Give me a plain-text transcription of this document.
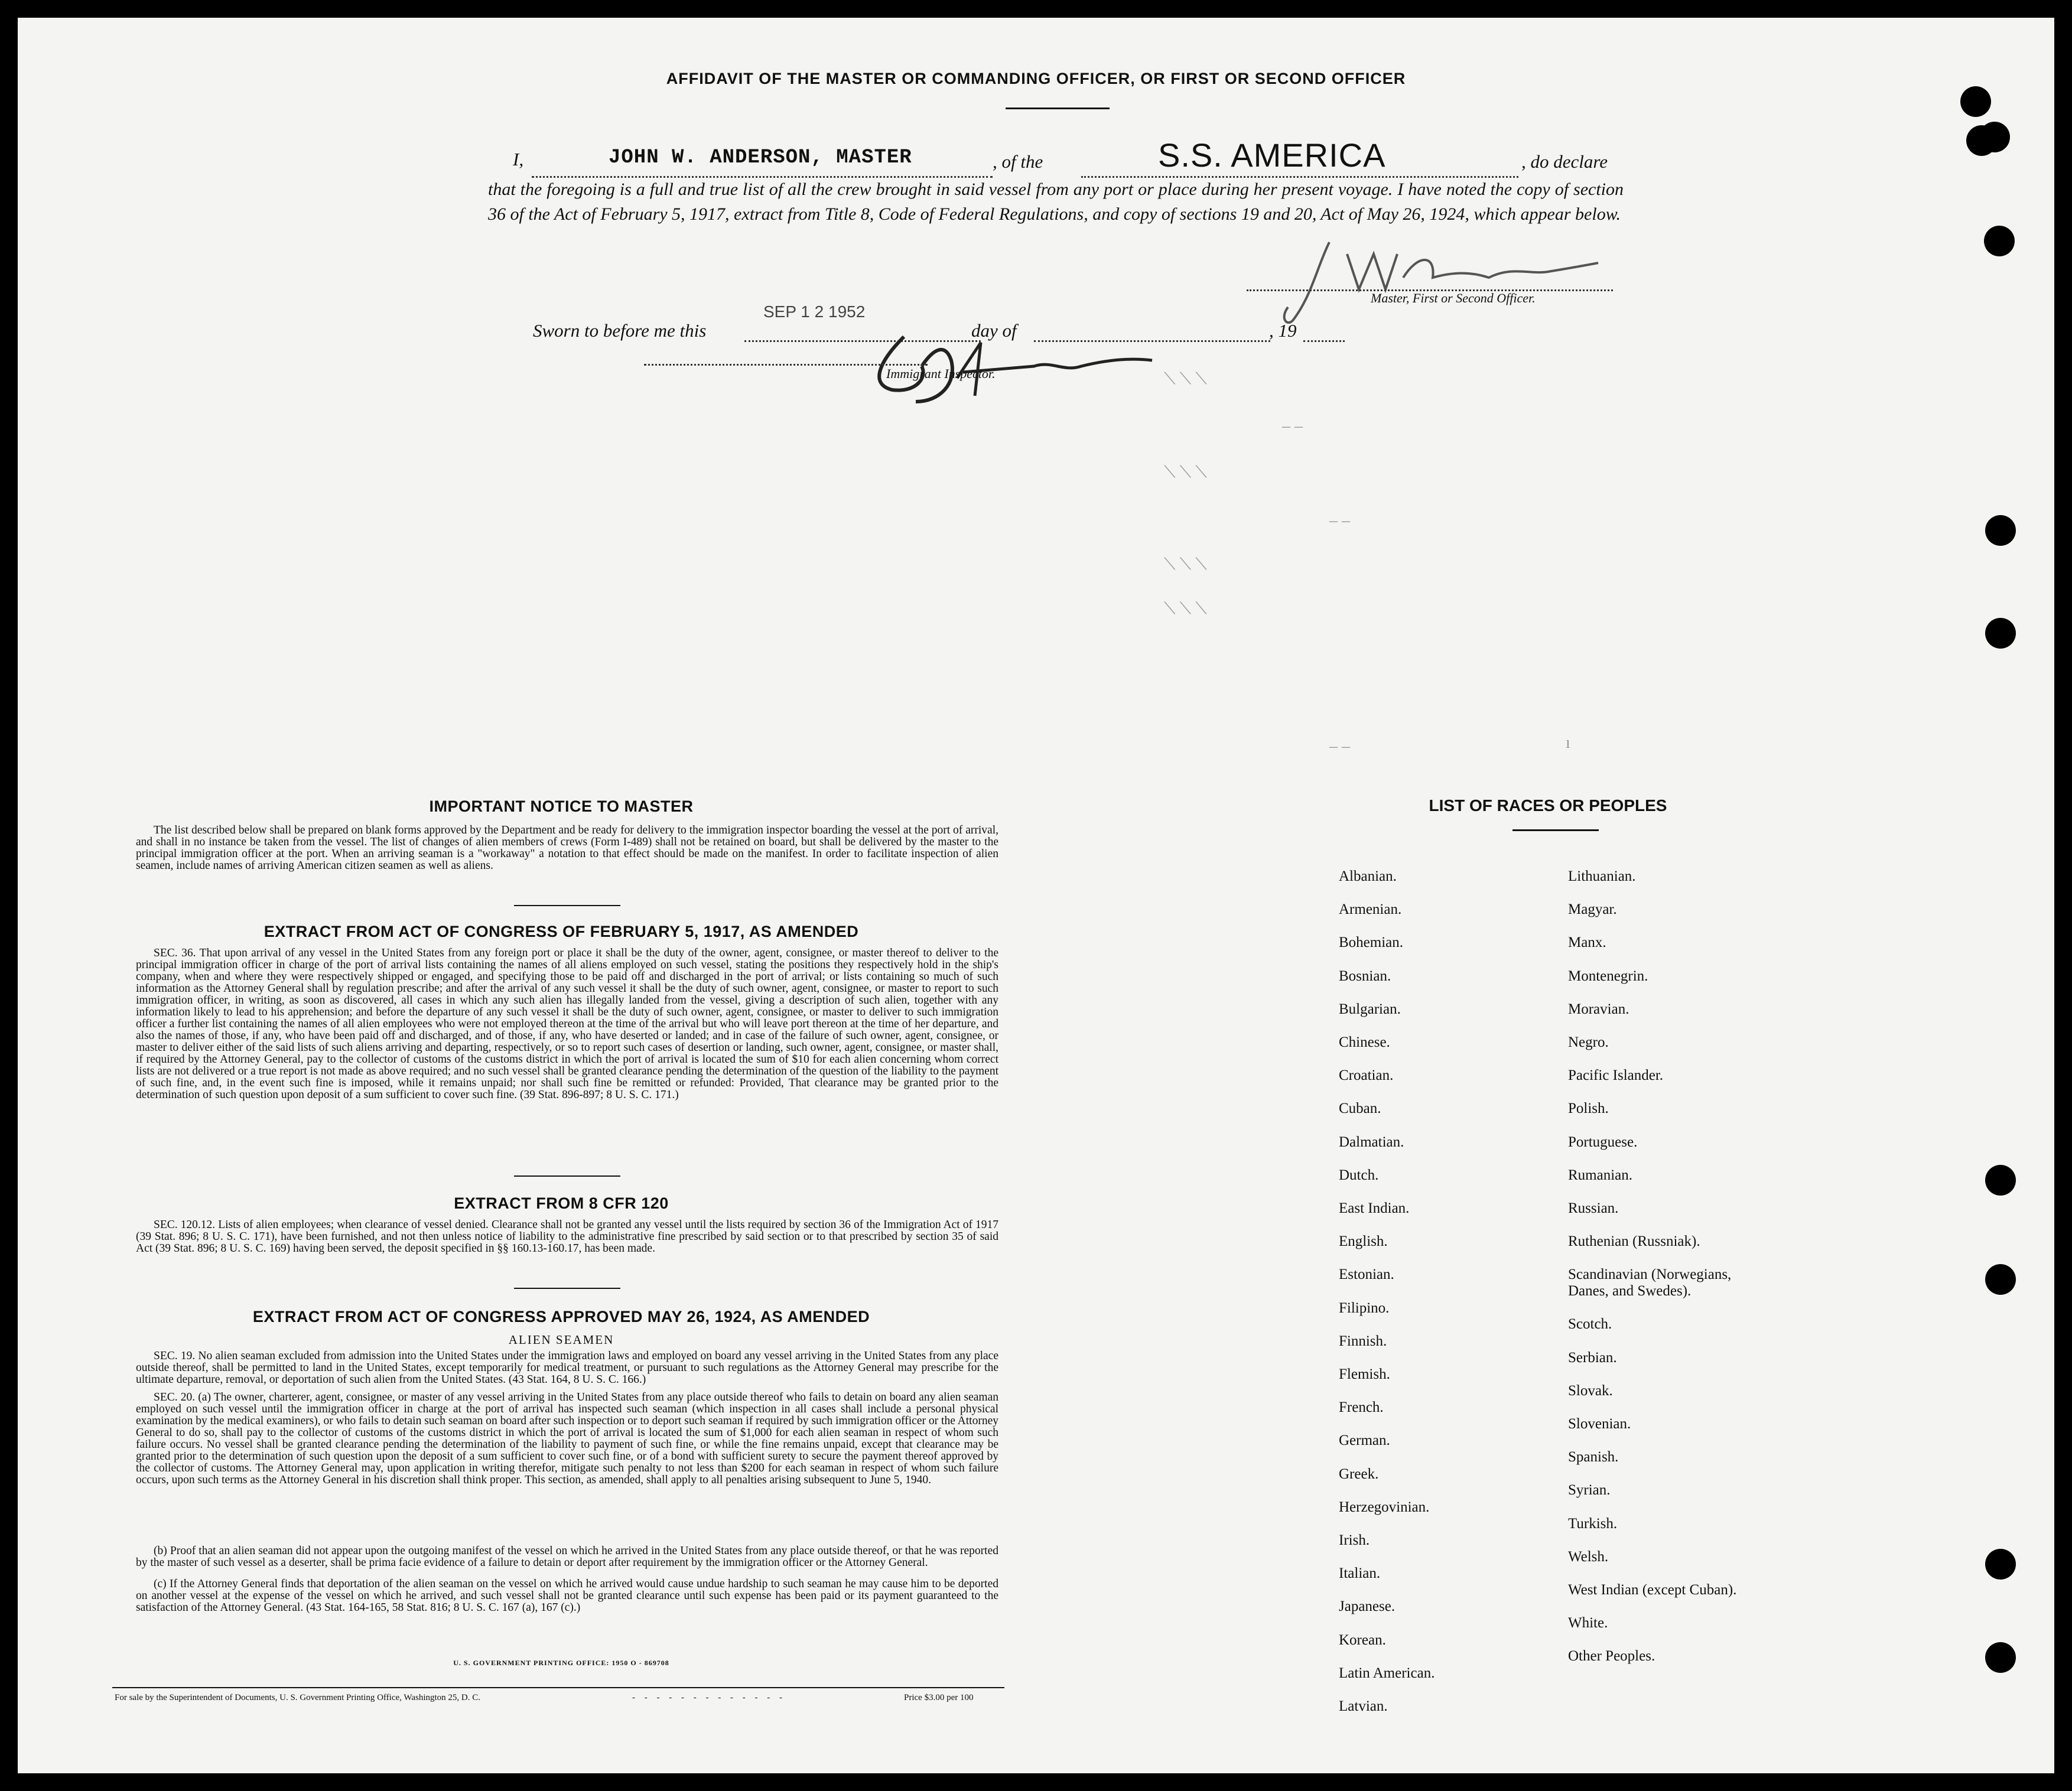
AFFIDAVIT OF THE MASTER OR COMMANDING OFFICER, OR FIRST OR SECOND OFFICER
I,	JOHN W. ANDERSON, MASTER	, of the	S.S. AMERICA	, do declare
that the foregoing is a full and true list of all the crew brought in said vessel from any port or place during her present voyage. I have noted the copy of section 36 of the Act of February 5, 1917, extract from Title 8, Code of Federal Regulations, and copy of sections 19 and 20, Act of May 26, 1924, which appear below.
Master, First or Second Officer.
Sworn to before me this
SEP 1 2 1952
day of	, 19
Immigrant Inspector.	⟍ ⟍ ⟍
⟍ ⟍ ⟍
⟍ ⟍ ⟍
⟍ ⟍ ⟍
– –
– –
– –	ı
IMPORTANT NOTICE TO MASTER
The list described below shall be prepared on blank forms approved by the Department and be ready for delivery to the immigration inspector boarding the vessel at the port of arrival, and shall in no instance be taken from the vessel. The list of changes of alien members of crews (Form I-489) shall not be retained on board, but shall be delivered by the master to the principal immigration officer at the port. When an arriving seaman is a "workaway" a notation to that effect should be made on the manifest. In order to facilitate inspection of alien seamen, include names of arriving American citizen seamen as well as aliens.
EXTRACT FROM ACT OF CONGRESS OF FEBRUARY 5, 1917, AS AMENDED
SEC. 36. That upon arrival of any vessel in the United States from any foreign port or place it shall be the duty of the owner, agent, consignee, or master thereof to deliver to the principal immigration officer in charge of the port of arrival lists containing the names of all aliens employed on such vessel, stating the positions they respectively hold in the ship's company, when and where they were respectively shipped or engaged, and specifying those to be paid off and discharged in the port of arrival; or lists containing so much of such information as the Attorney General shall by regulation prescribe; and after the arrival of any such vessel it shall be the duty of such owner, agent, consignee, or master to report to such immigration officer, in writing, as soon as discovered, all cases in which any such alien has illegally landed from the vessel, giving a description of such alien, together with any information likely to lead to his apprehension; and before the departure of any such vessel it shall be the duty of such owner, agent, consignee, or master to deliver to such immigration officer a further list containing the names of all alien employees who were not employed thereon at the time of the arrival but who will leave port thereon at the time of her departure, and also the names of those, if any, who have been paid off and discharged, and of those, if any, who have deserted or landed; and in case of the failure of such owner, agent, consignee, or master to deliver either of the said lists of such aliens arriving and departing, respectively, or so to report such cases of desertion or landing, such owner, agent, consignee, or master shall, if required by the Attorney General, pay to the collector of customs of the customs district in which the port of arrival is located the sum of $10 for each alien concerning whom correct lists are not delivered or a true report is not made as above required; and no such vessel shall be granted clearance pending the determination of the question of the liability to the payment of such fine, and, in the event such fine is imposed, while it remains unpaid; nor shall such fine be remitted or refunded: Provided, That clearance may be granted prior to the determination of such question upon deposit of a sum sufficient to cover such fine. (39 Stat. 896-897; 8 U. S. C. 171.)
EXTRACT FROM 8 CFR 120
SEC. 120.12. Lists of alien employees; when clearance of vessel denied. Clearance shall not be granted any vessel until the lists required by section 36 of the Immigration Act of 1917 (39 Stat. 896; 8 U. S. C. 171), have been furnished, and not then unless notice of liability to the administrative fine prescribed by said section or to that prescribed by section 35 of said Act (39 Stat. 896; 8 U. S. C. 169) having been served, the deposit specified in §§ 160.13-160.17, has been made.
EXTRACT FROM ACT OF CONGRESS APPROVED MAY 26, 1924, AS AMENDED
ALIEN SEAMEN
SEC. 19. No alien seaman excluded from admission into the United States under the immigration laws and employed on board any vessel arriving in the United States from any place outside thereof, shall be permitted to land in the United States, except temporarily for medical treatment, or pursuant to such regulations as the Attorney General may prescribe for the ultimate departure, removal, or deportation of such alien from the United States. (43 Stat. 164, 8 U. S. C. 166.)
SEC. 20. (a) The owner, charterer, agent, consignee, or master of any vessel arriving in the United States from any place outside thereof who fails to detain on board any alien seaman employed on such vessel until the immigration officer in charge at the port of arrival has inspected such seaman (which inspection in all cases shall include a personal physical examination by the medical examiners), or who fails to detain such seaman on board after such inspection or to deport such seaman if required by such immigration officer or the Attorney General to do so, shall pay to the collector of customs of the customs district in which the port of arrival is located the sum of $1,000 for each alien seaman in respect of whom such failure occurs. No vessel shall be granted clearance pending the determination of the liability to payment of such fine, or while the fine remains unpaid, except that clearance may be granted prior to the determination of such question upon the deposit of a sum sufficient to cover such fine, or of a bond with sufficient surety to secure the payment thereof approved by the collector of customs. The Attorney General may, upon application in writing therefor, mitigate such penalty to not less than $200 for each seaman in respect of whom such failure occurs, upon such terms as the Attorney General in his discretion shall think proper. This section, as amended, shall apply to all penalties arising subsequent to June 5, 1940.
(b) Proof that an alien seaman did not appear upon the outgoing manifest of the vessel on which he arrived in the United States from any place outside thereof, or that he was reported by the master of such vessel as a deserter, shall be prima facie evidence of a failure to detain or deport after requirement by the immigration officer or the Attorney General.
(c) If the Attorney General finds that deportation of the alien seaman on the vessel on which he arrived would cause undue hardship to such seaman he may cause him to be deported on another vessel at the expense of the vessel on which he arrived, and such vessel shall not be granted clearance until such expense has been paid or its payment guaranteed to the satisfaction of the Attorney General. (43 Stat. 164-165, 58 Stat. 816; 8 U. S. C. 167 (a), 167 (c).)
U. S. GOVERNMENT PRINTING OFFICE: 1950 O - 869708
For sale by the Superintendent of Documents, U. S. Government Printing Office, Washington 25, D. C.	- - - - - - - - - - - - -	Price $3.00 per 100
LIST OF RACES OR PEOPLES
Albanian.
Armenian.
Bohemian.
Bosnian.
Bulgarian.
Chinese.
Croatian.
Cuban.
Dalmatian.
Dutch.
East Indian.
English.
Estonian.
Filipino.
Finnish.
Flemish.
French.
German.
Greek.
Herzegovinian.
Irish.
Italian.
Japanese.
Korean.
Latin American.
Latvian.
Lithuanian.
Magyar.
Manx.
Montenegrin.
Moravian.
Negro.
Pacific Islander.
Polish.
Portuguese.
Rumanian.
Russian.
Ruthenian (Russniak).
Scandinavian (Norwegians, Danes, and Swedes).
Scotch.
Serbian.
Slovak.
Slovenian.
Spanish.
Syrian.
Turkish.
Welsh.
West Indian (except Cuban).
White.
Other Peoples.
